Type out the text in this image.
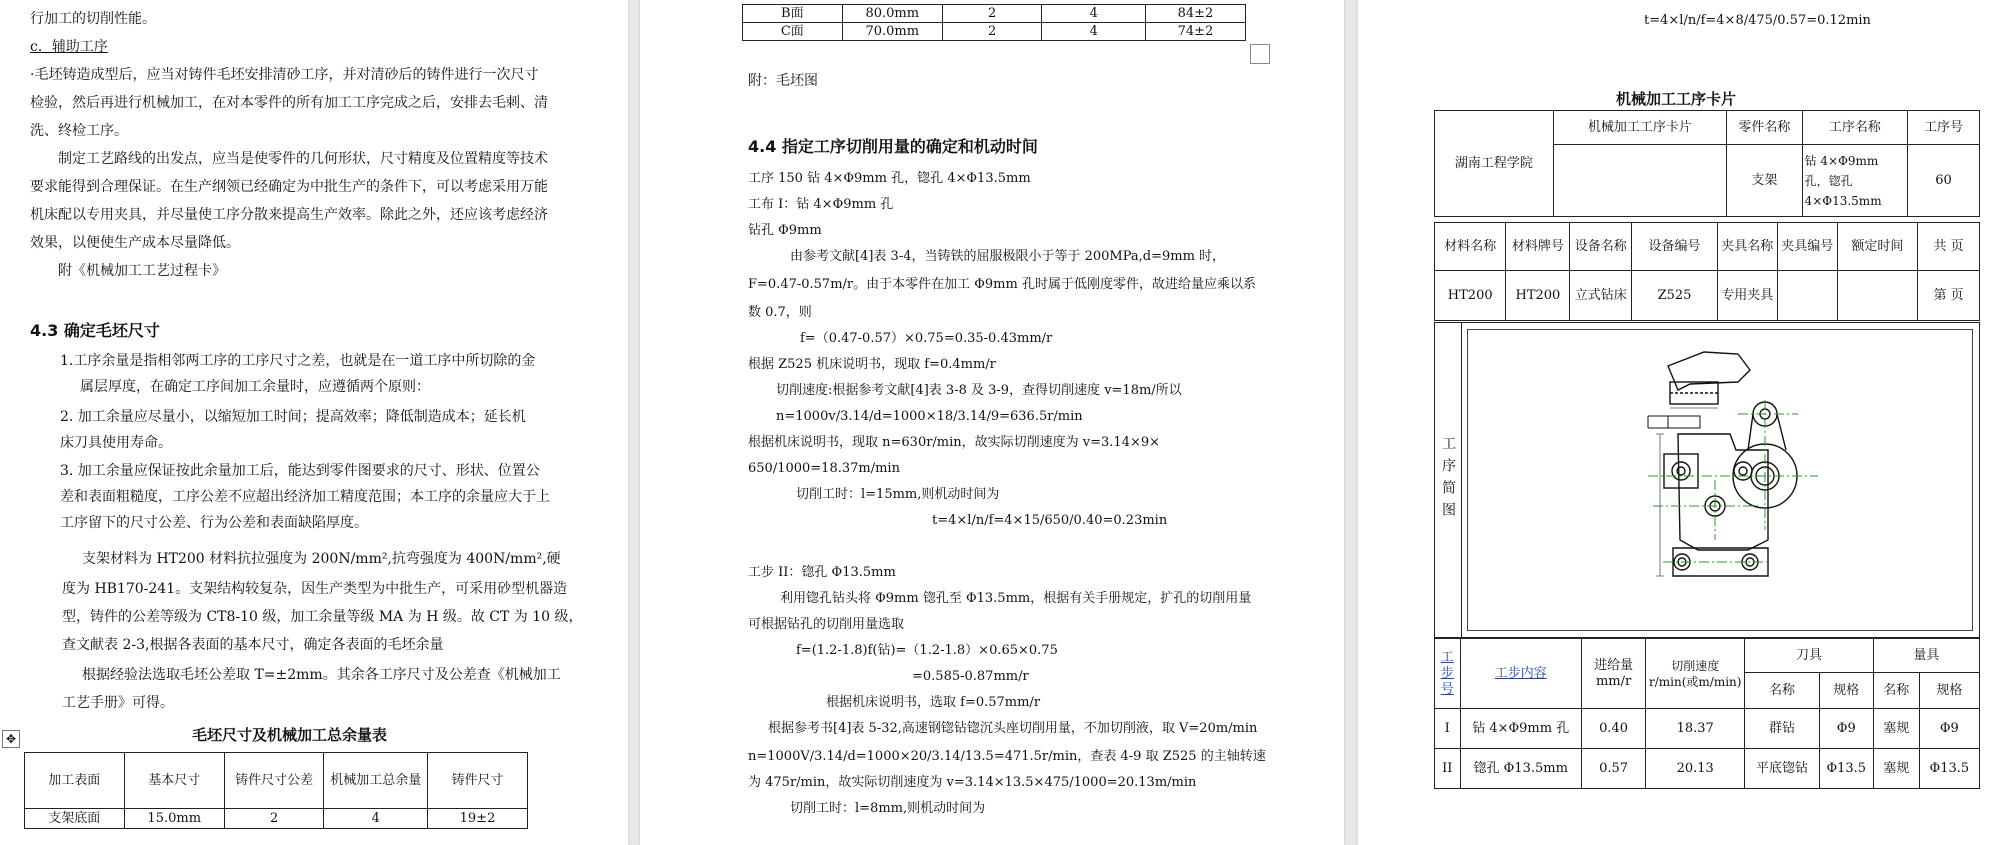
行加工的切削性能。
c．辅助工序
·毛坯铸造成型后，应当对铸件毛坯安排清砂工序，并对清砂后的铸件进行一次尺寸
检验，然后再进行机械加工，在对本零件的所有加工工序完成之后，安排去毛刺、清
洗、终检工序。
制定工艺路线的出发点，应当是使零件的几何形状，尺寸精度及位置精度等技术
要求能得到合理保证。在生产纲领已经确定为中批生产的条件下，可以考虑采用万能
机床配以专用夹具，并尽量使工序分散来提高生产效率。除此之外，还应该考虑经济
效果，以便使生产成本尽量降低。
附《机械加工工艺过程卡》
4.3 确定毛坯尺寸
1.工序余量是指相邻两工序的工序尺寸之差，也就是在一道工序中所切除的金
属层厚度，在确定工序间加工余量时，应遵循两个原则：
2. 加工余量应尽量小，以缩短加工时间；提高效率；降低制造成本；延长机
床刀具使用寿命。
3. 加工余量应保证按此余量加工后，能达到零件图要求的尺寸、形状、位置公
差和表面粗糙度，工序公差不应超出经济加工精度范围；本工序的余量应大于上
工序留下的尺寸公差、行为公差和表面缺陷厚度。
支架材料为 HT200 材料抗拉强度为 200N/mm²,抗弯强度为 400N/mm²,硬
度为 HB170-241。支架结构较复杂，因生产类型为中批生产，可采用砂型机器造
型，铸件的公差等级为 CT8-10 级，加工余量等级 MA 为 H 级。故 CT 为 10 级，
查文献表 2-3,根据各表面的基本尺寸，确定各表面的毛坯余量
根据经验法选取毛坯公差取 T=±2mm。其余各工序尺寸及公差查《机械加工
工艺手册》可得。
毛坯尺寸及机械加工总余量表
✥
加工表面	基本尺寸	铸件尺寸公差	机械加工总余量	铸件尺寸
支架底面	15.0mm	2	4	19±2
B面	80.0mm	2	4	84±2
C面	70.0mm	2	4	74±2
附：毛坯图
4.4 指定工序切削用量的确定和机动时间
工序 150 钻 4×Φ9mm 孔，锪孔 4×Φ13.5mm
工布 I：钻 4×Φ9mm 孔
钻孔 Φ9mm
由参考文献[4]表 3-4，当铸铁的屈服极限小于等于 200MPa,d=9mm 时，
F=0.47-0.57m/r。由于本零件在加工 Φ9mm 孔时属于低刚度零件，故进给量应乘以系
数 0.7，则
f=（0.47-0.57）×0.75=0.35-0.43mm/r
根据 Z525 机床说明书，现取 f=0.4mm/r
切削速度:根据参考文献[4]表 3-8 及 3-9，查得切削速度 v=18m/所以
n=1000v/3.14/d=1000×18/3.14/9=636.5r/min
根据机床说明书，现取 n=630r/min，故实际切削速度为 v=3.14×9×
650/1000=18.37m/min
切削工时：l=15mm,则机动时间为
t=4×l/n/f=4×15/650/0.40=0.23min
工步 II：锪孔 Φ13.5mm
利用锪孔钻头将 Φ9mm 锪孔至 Φ13.5mm，根据有关手册规定，扩孔的切削用量
可根据钻孔的切削用量选取
f=(1.2-1.8)f(钻)=（1.2-1.8）×0.65×0.75
=0.585-0.87mm/r
根据机床说明书，选取 f=0.57mm/r
根据参考书[4]表 5-32,高速钢锪钻锪沉头座切削用量，不加切削液，取 V=20m/min
n=1000V/3.14/d=1000×20/3.14/13.5=471.5r/min，查表 4-9 取 Z525 的主轴转速
为 475r/min，故实际切削速度为 v=3.14×13.5×475/1000=20.13m/min
切削工时：l=8mm,则机动时间为
t=4×l/n/f=4×8/475/0.57=0.12min
机械加工工序卡片
湖南工程学院	机械加工工序卡片	零件名称	工序名称	工序号
		支架	钻 4×Φ9mm 孔，锪孔 4×Φ13.5mm	60
材料名称	材料牌号	设备名称	设备编号	夹具名称	夹具编号	额定时间	共 页
HT200	HT200	立式钻床	Z525	专用夹具			第 页
工序简图
工步号	工步内容	进给量mm/r	切削速度r/min(或m/min)	刀具		量具	
				名称	规格	名称	规格
I	钻 4×Φ9mm 孔	0.40	18.37	群钻	Φ9	塞规	Φ9
II	锪孔 Φ13.5mm	0.57	20.13	平底锪钻	Φ13.5	塞规	Φ13.5
